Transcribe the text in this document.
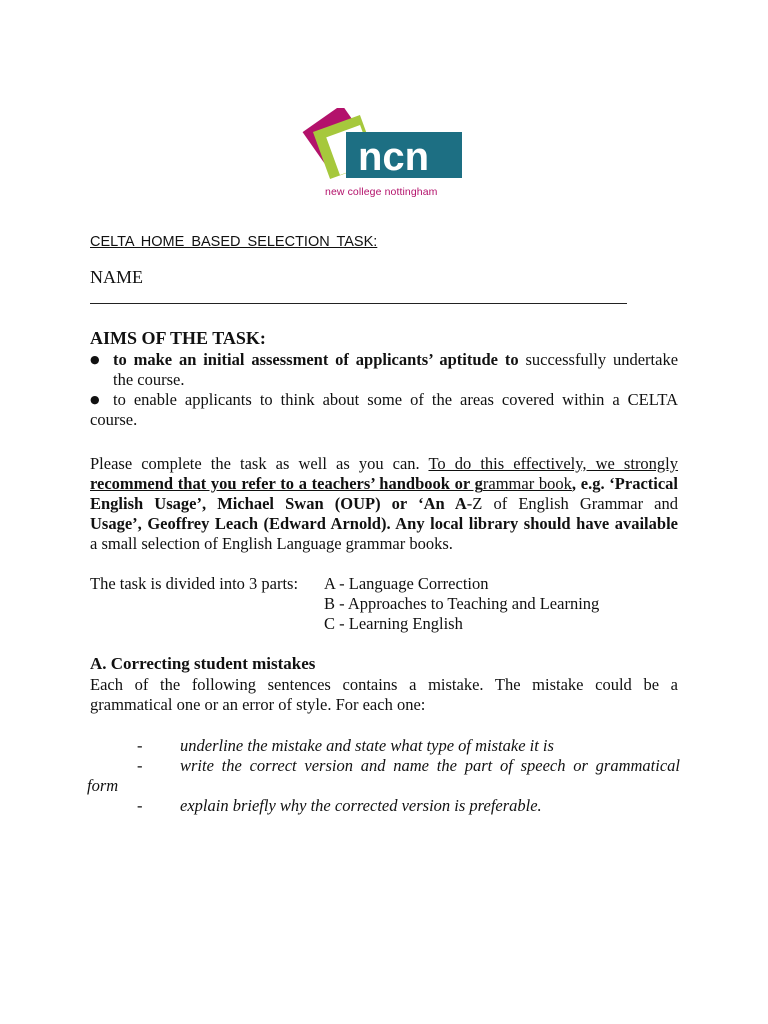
ncn
new college nottingham
CELTA HOME BASED SELECTION TASK:
NAME
AIMS OF THE TASK:
● to make an initial assessment of applicants’ aptitude to successfully undertake
the course.
● to enable applicants to think about some of the areas covered within a CELTA
course.
Please complete the task as well as you can. To do this effectively, we strongly
recommend that you refer to a teachers’ handbook or grammar book, e.g. ‘Practical
English Usage’, Michael Swan (OUP) or ‘An A-Z of English Grammar and
Usage’, Geoffrey Leach (Edward Arnold). Any local library should have available
a small selection of English Language grammar books.
The task is divided into 3 parts: A - Language Correction
B - Approaches to Teaching and Learning
C - Learning English
A. Correcting student mistakes
Each of the following sentences contains a mistake. The mistake could be a
grammatical one or an error of style. For each one:
- underline the mistake and state what type of mistake it is
- write the correct version and name the part of speech or grammatical
form
- explain briefly why the corrected version is preferable.
